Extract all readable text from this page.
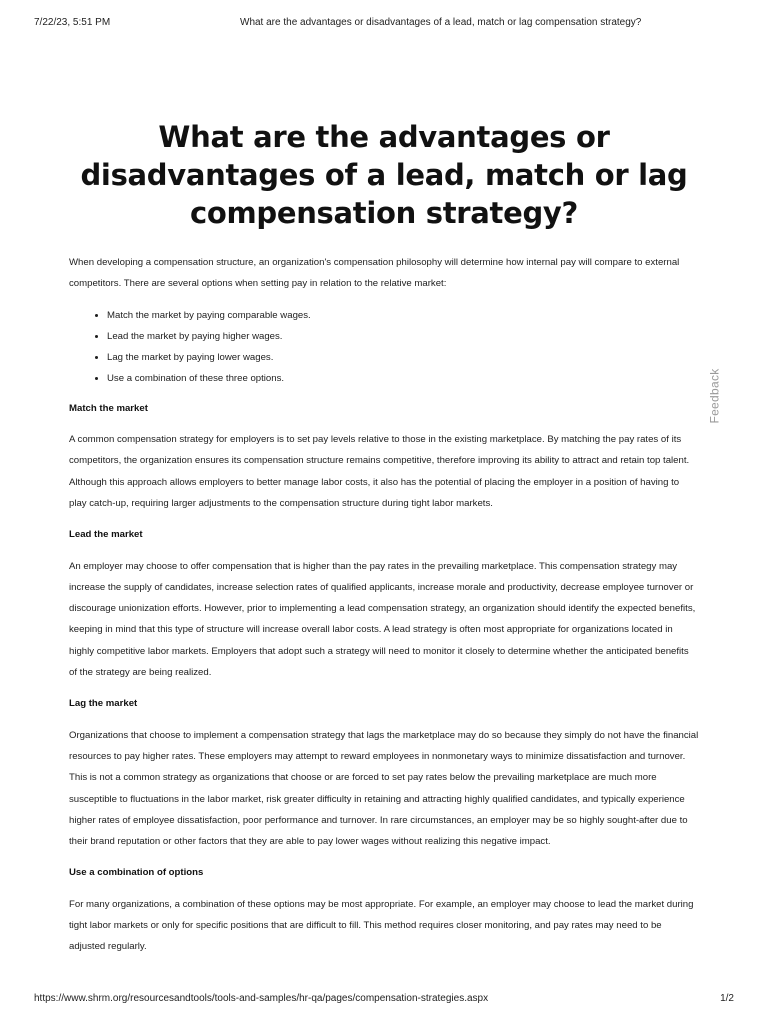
7/22/23, 5:51 PM	What are the advantages or disadvantages of a lead, match or lag compensation strategy?
What are the advantages or disadvantages of a lead, match or lag compensation strategy?

When developing a compensation structure, an organization's compensation philosophy will determine how internal pay will compare to external competitors. There are several options when setting pay in relation to the relative market:

• Match the market by paying comparable wages.
• Lead the market by paying higher wages.
• Lag the market by paying lower wages.
• Use a combination of these three options.
Match the market

A common compensation strategy for employers is to set pay levels relative to those in the existing marketplace. By matching the pay rates of its competitors, the organization ensures its compensation structure remains competitive, therefore improving its ability to attract and retain top talent. Although this approach allows employers to better manage labor costs, it also has the potential of placing the employer in a position of having to play catch-up, requiring larger adjustments to the compensation structure during tight labor markets.

Lead the market

An employer may choose to offer compensation that is higher than the pay rates in the prevailing marketplace. This compensation strategy may increase the supply of candidates, increase selection rates of qualified applicants, increase morale and productivity, decrease employee turnover or discourage unionization efforts. However, prior to implementing a lead compensation strategy, an organization should identify the expected benefits, keeping in mind that this type of structure will increase overall labor costs. A lead strategy is often most appropriate for organizations located in highly competitive labor markets. Employers that adopt such a strategy will need to monitor it closely to determine whether the anticipated benefits of the strategy are being realized.

Lag the market

Organizations that choose to implement a compensation strategy that lags the marketplace may do so because they simply do not have the financial resources to pay higher rates. These employers may attempt to reward employees in nonmonetary ways to minimize dissatisfaction and turnover. This is not a common strategy as organizations that choose or are forced to set pay rates below the prevailing marketplace are much more susceptible to fluctuations in the labor market, risk greater difficulty in retaining and attracting highly qualified candidates, and typically experience higher rates of employee dissatisfaction, poor performance and turnover. In rare circumstances, an employer may be so highly sought-after due to their brand reputation or other factors that they are able to pay lower wages without realizing this negative impact.

Use a combination of options

For many organizations, a combination of these options may be most appropriate. For example, an employer may choose to lead the market during tight labor markets or only for specific positions that are difficult to fill. This method requires closer monitoring, and pay rates may need to be adjusted regularly.

Feedback
https://www.shrm.org/resourcesandtools/tools-and-samples/hr-qa/pages/compensation-strategies.aspx	1/2
